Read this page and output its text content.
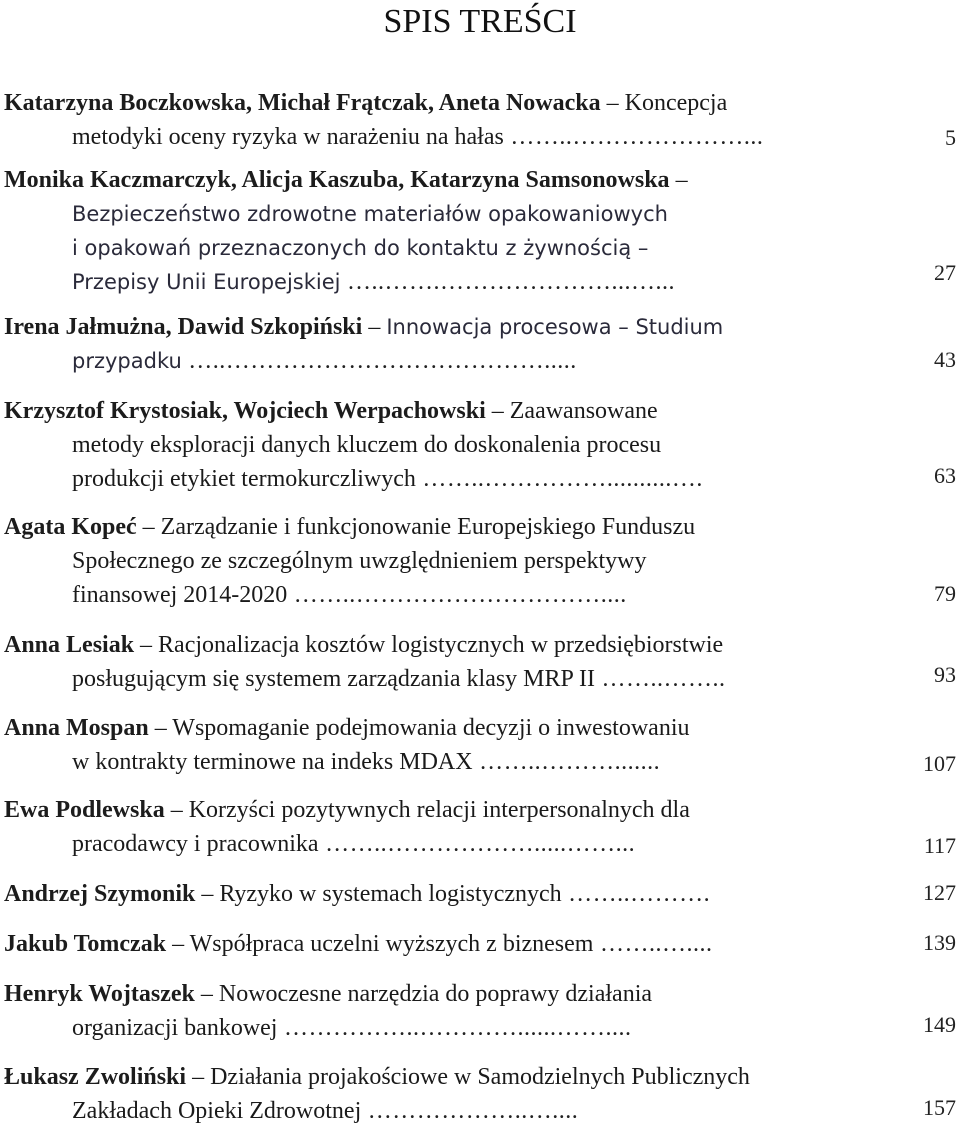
SPIS TREŚCI
Katarzyna Boczkowska, Michał Frątczak, Aneta Nowacka – Koncepcja
metodyki oceny ryzyka w narażeniu na hałas ……..…………………...	5
Monika Kaczmarczyk, Alicja Kaszuba, Katarzyna Samsonowska –
Bezpieczeństwo zdrowotne materiałów opakowaniowych
i opakowań przeznaczonych do kontaktu z żywnością –
Przepisy Unii Europejskiej …..…….…………………...…...	27
Irena Jałmużna, Dawid Szkopiński – Innowacja procesowa – Studium
przypadku …..………………………………….....	43
Krzysztof Krystosiak, Wojciech Werpachowski – Zaawansowane
metody eksploracji danych kluczem do doskonalenia procesu
produkcji etykiet termokurczliwych ……..……………..........….	63
Agata Kopeć – Zarządzanie i funkcjonowanie Europejskiego Funduszu
Społecznego ze szczególnym uwzględnieniem perspektywy
finansowej 2014-2020 ……..…………………………....	79
Anna Lesiak – Racjonalizacja kosztów logistycznych w przedsiębiorstwie
posługującym się systemem zarządzania klasy MRP II ……..……..	93
Anna Mospan – Wspomaganie podejmowania decyzji o inwestowaniu
w kontrakty terminowe na indeks MDAX ……..……….......	107
Ewa Podlewska – Korzyści pozytywnych relacji interpersonalnych dla
pracodawcy i pracownika ……..……………….....……...	117
Andrzej Szymonik – Ryzyko w systemach logistycznych ……..……….	127
Jakub Tomczak – Współpraca uczelni wyższych z biznesem ……..…....	139
Henryk Wojtaszek – Nowoczesne narzędzia do poprawy działania
organizacji bankowej ……………..…………......……....	149
Łukasz Zwoliński – Działania projakościowe w Samodzielnych Publicznych
Zakładach Opieki Zdrowotnej ………………..…....	157
